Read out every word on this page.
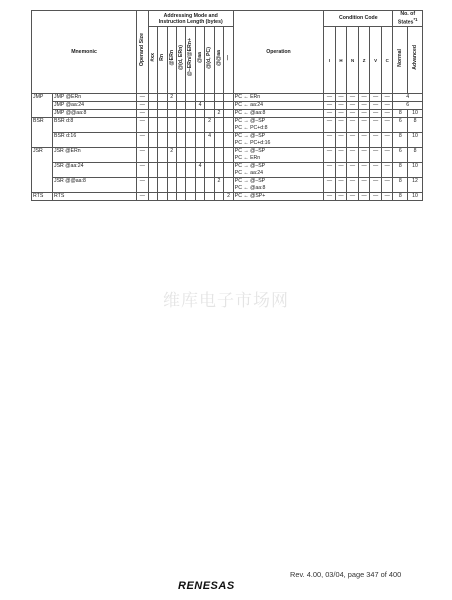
Mnemonic		Operand Size	Addressing Mode and Instruction Length (bytes)									Operation	Condition Code						No. of States$^{*1}$
			#xx	Rn	@ERn	@(d, ERn)	@–ERn/@ERn+	@aa	@(d, PC)	@@aa	—								Normal	Advanced
													I	H	N	Z	V	C		
JMP	JMP @ERn	—			2							PC ← ERn	—	—	—	—	—	—	4	
	JMP @aa:24	—						4				PC ← aa:24	—	—	—	—	—	—	6	
	JMP @@aa:8	—								2		PC ← @aa:8	—	—	—	—	—	—	8	10
BSR	BSR d:8	—							2			PC → @–SP
PC ← PC+d:8	—	—	—	—	—	—	6	8
	BSR d:16	—							4			PC → @–SP
PC ← PC+d:16	—	—	—	—	—	—	8	10
JSR	JSR @ERn	—			2							PC → @–SP
PC ← ERn	—	—	—	—	—	—	6	8
	JSR @aa:24	—						4				PC → @–SP
PC ← aa:24	—	—	—	—	—	—	8	10
	JSR @@aa:8	—								2		PC → @–SP
PC ← @aa:8	—	—	—	—	—	—	8	12
RTS	RTS	—									2	PC ← @SP+	—	—	—	—	—	—	8	10
维库电子市场网
Rev. 4.00, 03/04, page 347 of 400
RENESAS
